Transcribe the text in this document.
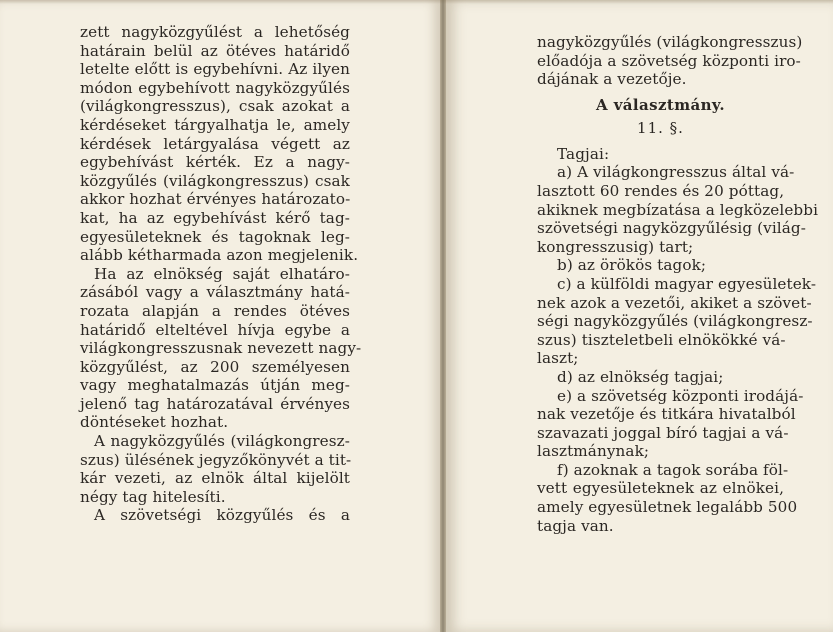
zett nagyközgyűlést a lehetőség
határain belül az ötéves határidő
letelte előtt is egybehívni. Az ilyen
módon egybehívott nagyközgyűlés
(világkongresszus), csak azokat a
kérdéseket tárgyalhatja le, amely
kérdések letárgyalása végett az
egybehívást kérték. Ez a nagy-
közgyűlés (világkongresszus) csak
akkor hozhat érvényes határozato-
kat, ha az egybehívást kérő tag-
egyesületeknek és tagoknak leg-
alább kétharmada azon megjelenik.
Ha az elnökség saját elhatáro-
zásából vagy a választmány hatá-
rozata alapján a rendes ötéves
határidő elteltével hívja egybe a
világkongresszusnak nevezett nagy-
közgyűlést, az 200 személyesen
vagy meghatalmazás útján meg-
jelenő tag határozatával érvényes
döntéseket hozhat.
A nagyközgyűlés (világkongresz-
szus) ülésének jegyzőkönyvét a tit-
kár vezeti, az elnök által kijelölt
négy tag hitelesíti.
A szövetségi közgyűlés és a
nagyközgyűlés (világkongresszus)
előadója a szövetség központi iro-
dájának a vezetője.
A választmány.
11. §.
Tagjai:
a) A világkongresszus által vá-
lasztott 60 rendes és 20 póttag,
akiknek megbízatása a legközelebbi
szövetségi nagyközgyűlésig (világ-
kongresszusig) tart;
b) az örökös tagok;
c) a külföldi magyar egyesületek-
nek azok a vezetői, akiket a szövet-
ségi nagyközgyűlés (világkongresz-
szus) tiszteletbeli elnökökké vá-
laszt;
d) az elnökség tagjai;
e) a szövetség központi irodájá-
nak vezetője és titkára hivatalból
szavazati joggal bíró tagjai a vá-
lasztmánynak;
f) azoknak a tagok sorába föl-
vett egyesületeknek az elnökei,
amely egyesületnek legalább 500
tagja van.
